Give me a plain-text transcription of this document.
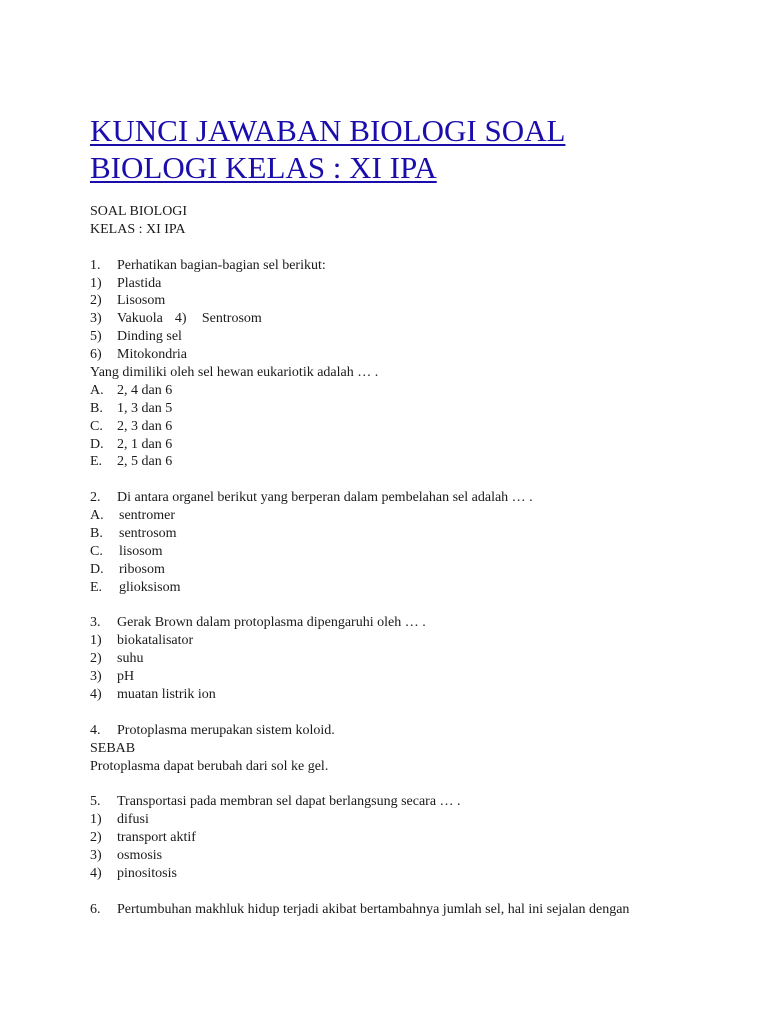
KUNCI JAWABAN BIOLOGI SOAL
BIOLOGI KELAS : XI IPA
SOAL BIOLOGI
KELAS : XI IPA
1. Perhatikan bagian-bagian sel berikut:
1) Plastida
2) Lisosom
3) Vakuola 4) Sentrosom
5) Dinding sel
6) Mitokondria
Yang dimiliki oleh sel hewan eukariotik adalah … .
A. 2, 4 dan 6
B. 1, 3 dan 5
C. 2, 3 dan 6
D. 2, 1 dan 6
E. 2, 5 dan 6
2. Di antara organel berikut yang berperan dalam pembelahan sel adalah … .
A. sentromer
B. sentrosom
C. lisosom
D. ribosom
E. glioksisom
3. Gerak Brown dalam protoplasma dipengaruhi oleh … .
1) biokatalisator
2) suhu
3) pH
4) muatan listrik ion
4. Protoplasma merupakan sistem koloid.
SEBAB
Protoplasma dapat berubah dari sol ke gel.
5. Transportasi pada membran sel dapat berlangsung secara … .
1) difusi
2) transport aktif
3) osmosis
4) pinositosis
6. Pertumbuhan makhluk hidup terjadi akibat bertambahnya jumlah sel, hal ini sejalan dengan
